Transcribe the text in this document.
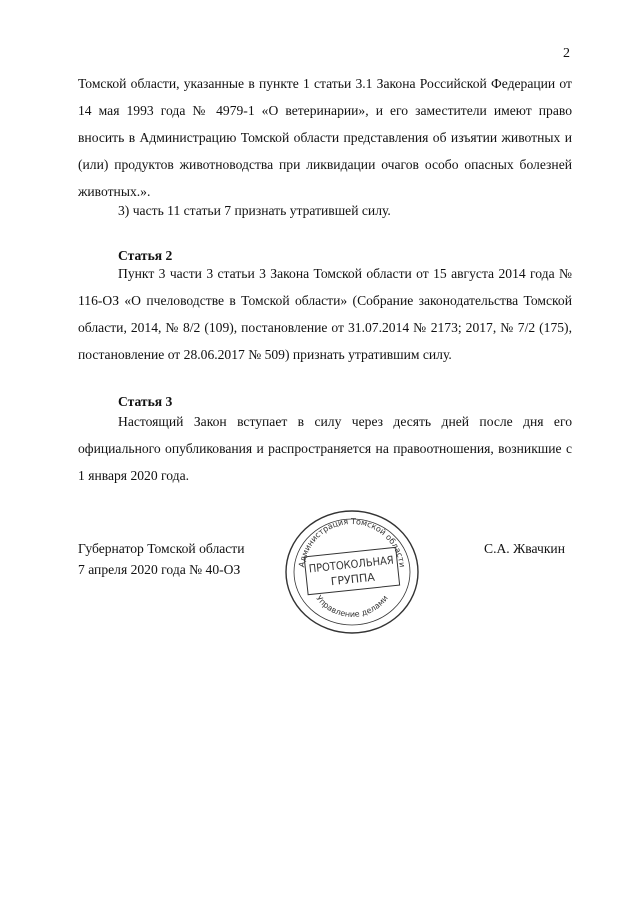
2

Томской области, указанные в пункте 1 статьи 3.1 Закона Российской Федерации от 14 мая 1993 года № 4979-1 «О ветеринарии», и его заместители имеют право вносить в Администрацию Томской области представления об изъятии животных и (или) продуктов животноводства при ликвидации очагов особо опасных болезней животных.».

3) часть 11 статьи 7 признать утратившей силу.

Статья 2

Пункт 3 части 3 статьи 3 Закона Томской области от 15 августа 2014 года № 116-ОЗ «О пчеловодстве в Томской области» (Собрание законодательства Томской области, 2014, № 8/2 (109), постановление от 31.07.2014 № 2173; 2017, № 7/2 (175), постановление от 28.06.2017 № 509) признать утратившим силу.

Статья 3

Настоящий Закон вступает в силу через десять дней после дня его официального опубликования и распространяется на правоотношения, возникшие с 1 января 2020 года.

Губернатор Томской области

7 апреля 2020 года № 40-ОЗ

С.А. Жвачкин

Администрация Томской области
Управление делами
ПРОТОКОЛЬНАЯ
ГРУППА
